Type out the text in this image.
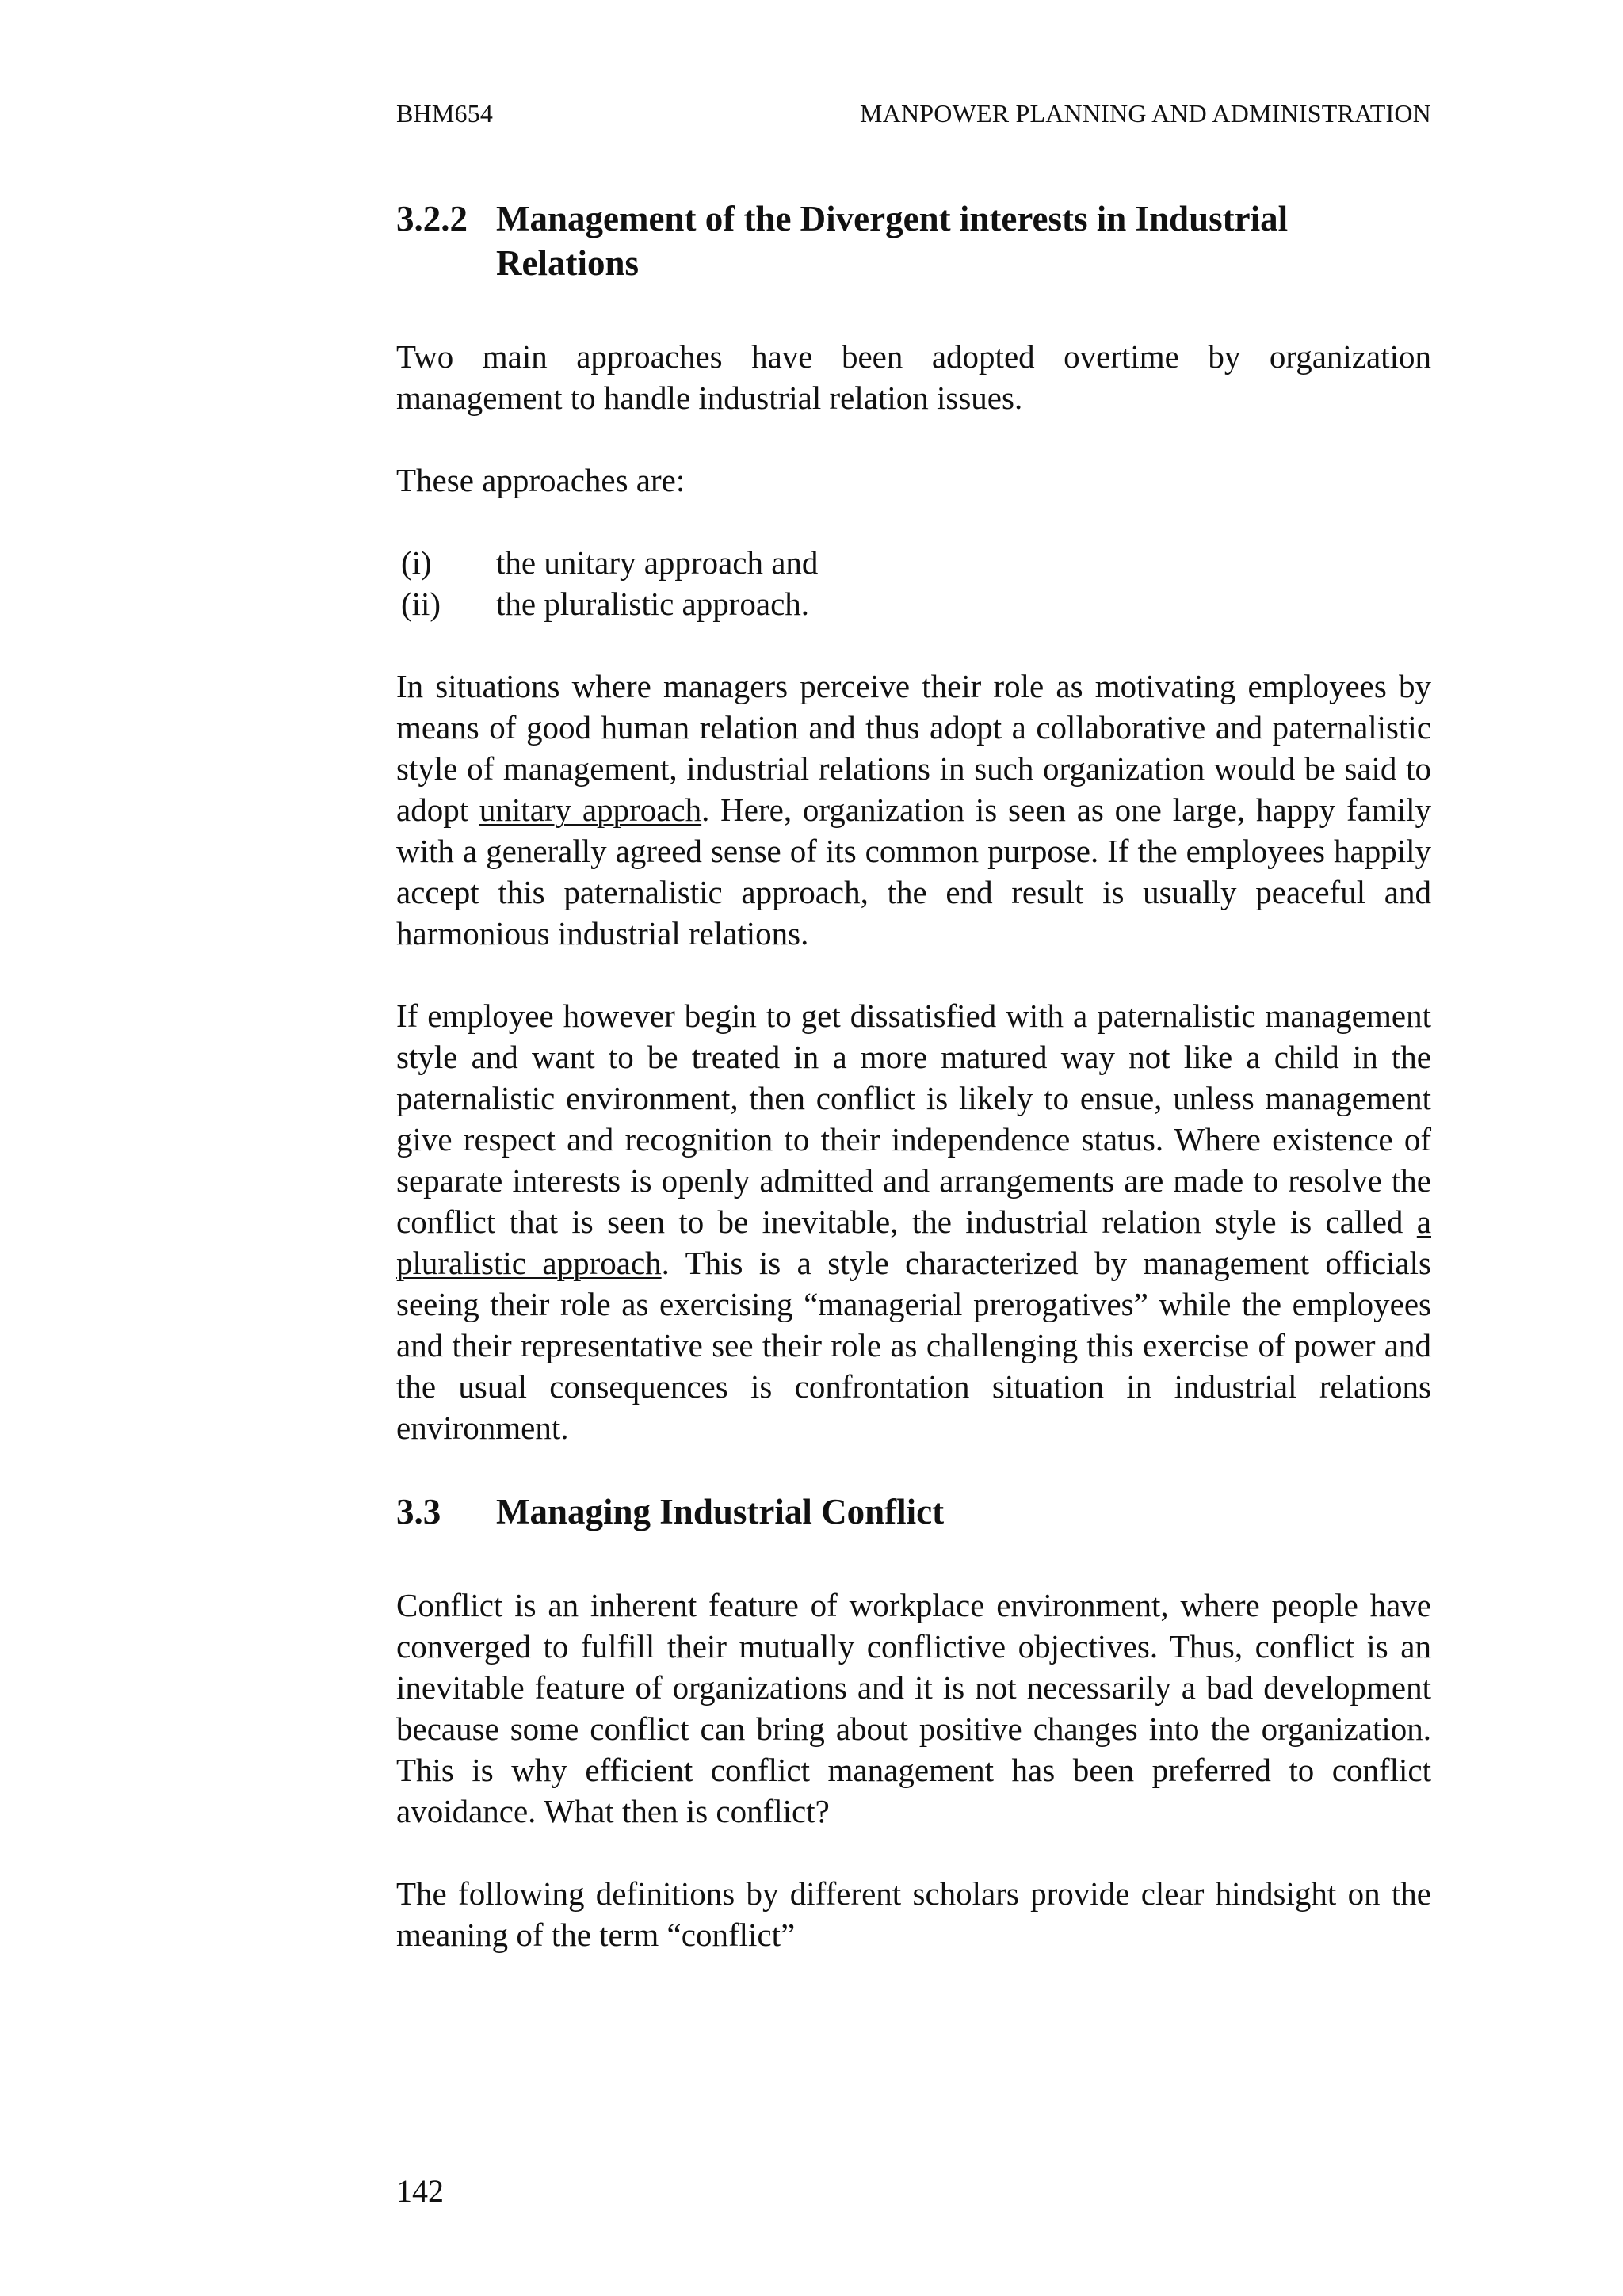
BHM654	MANPOWER PLANNING AND ADMINISTRATION
3.2.2 Management of the Divergent interests in Industrial Relations

Two main approaches have been adopted overtime by organization management to handle industrial relation issues.

These approaches are:

(i)	the unitary approach and
(ii)	the pluralistic approach.

In situations where managers perceive their role as motivating employees by means of good human relation and thus adopt a collaborative and paternalistic style of management, industrial relations in such organization would be said to adopt unitary approach. Here, organization is seen as one large, happy family with a generally agreed sense of its common purpose. If the employees happily accept this paternalistic approach, the end result is usually peaceful and harmonious industrial relations.

If employee however begin to get dissatisfied with a paternalistic management style and want to be treated in a more matured way not like a child in the paternalistic environment, then conflict is likely to ensue, unless management give respect and recognition to their independence status. Where existence of separate interests is openly admitted and arrangements are made to resolve the conflict that is seen to be inevitable, the industrial relation style is called a pluralistic approach. This is a style characterized by management officials seeing their role as exercising “managerial prerogatives” while the employees and their representative see their role as challenging this exercise of power and the usual consequences is confrontation situation in industrial relations environment.

3.3	Managing Industrial Conflict

Conflict is an inherent feature of workplace environment, where people have converged to fulfill their mutually conflictive objectives. Thus, conflict is an inevitable feature of organizations and it is not necessarily a bad development because some conflict can bring about positive changes into the organization. This is why efficient conflict management has been preferred to conflict avoidance. What then is conflict?

The following definitions by different scholars provide clear hindsight on the meaning of the term “conflict”

142
